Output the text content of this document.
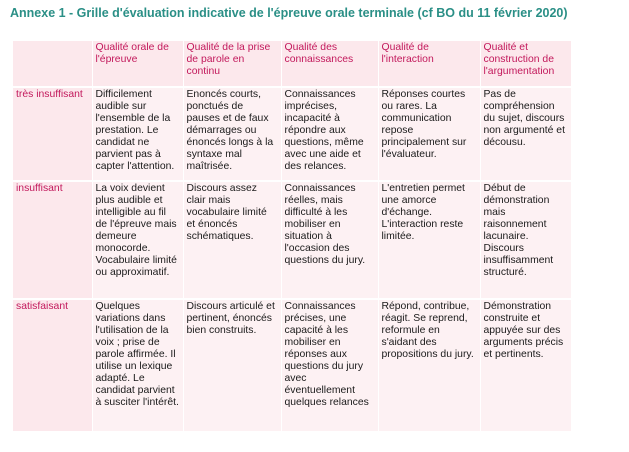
Annexe 1 - Grille d'évaluation indicative de l'épreuve orale terminale (cf BO du 11 février 2020)
	Qualité orale de l'épreuve	Qualité de la prise de parole en continu	Qualité des connaissances	Qualité de l'interaction	Qualité et construction de l'argumentation
très insuffisant	Difficilement audible sur l'ensemble de la prestation. Le candidat ne parvient pas à capter l'attention.	Enoncés courts, ponctués de pauses et de faux démarrages ou énoncés longs à la syntaxe mal maîtrisée.	Connaissances imprécises, incapacité à répondre aux questions, même avec une aide et des relances.	Réponses courtes ou rares. La communication repose principalement sur l'évaluateur.	Pas de compréhension du sujet, discours non argumenté et décousu.
insuffisant	La voix devient plus audible et intelligible au fil de l'épreuve mais demeure monocorde. Vocabulaire limité ou approximatif.	Discours assez clair mais vocabulaire limité et énoncés schématiques.	Connaissances réelles, mais difficulté à les mobiliser en situation à l'occasion des questions du jury.	L'entretien permet une amorce d'échange. L'interaction reste limitée.	Début de démonstration mais raisonnement lacunaire. Discours insuffisamment structuré.
satisfaisant	Quelques variations dans l'utilisation de la voix ; prise de parole affirmée. Il utilise un lexique adapté. Le candidat parvient à susciter l'intérêt.	Discours articulé et pertinent, énoncés bien construits.	Connaissances précises, une capacité à les mobiliser en réponses aux questions du jury avec éventuellement quelques relances	Répond, contribue, réagit. Se reprend, reformule en s'aidant des propositions du jury.	Démonstration construite et appuyée sur des arguments précis et pertinents.
